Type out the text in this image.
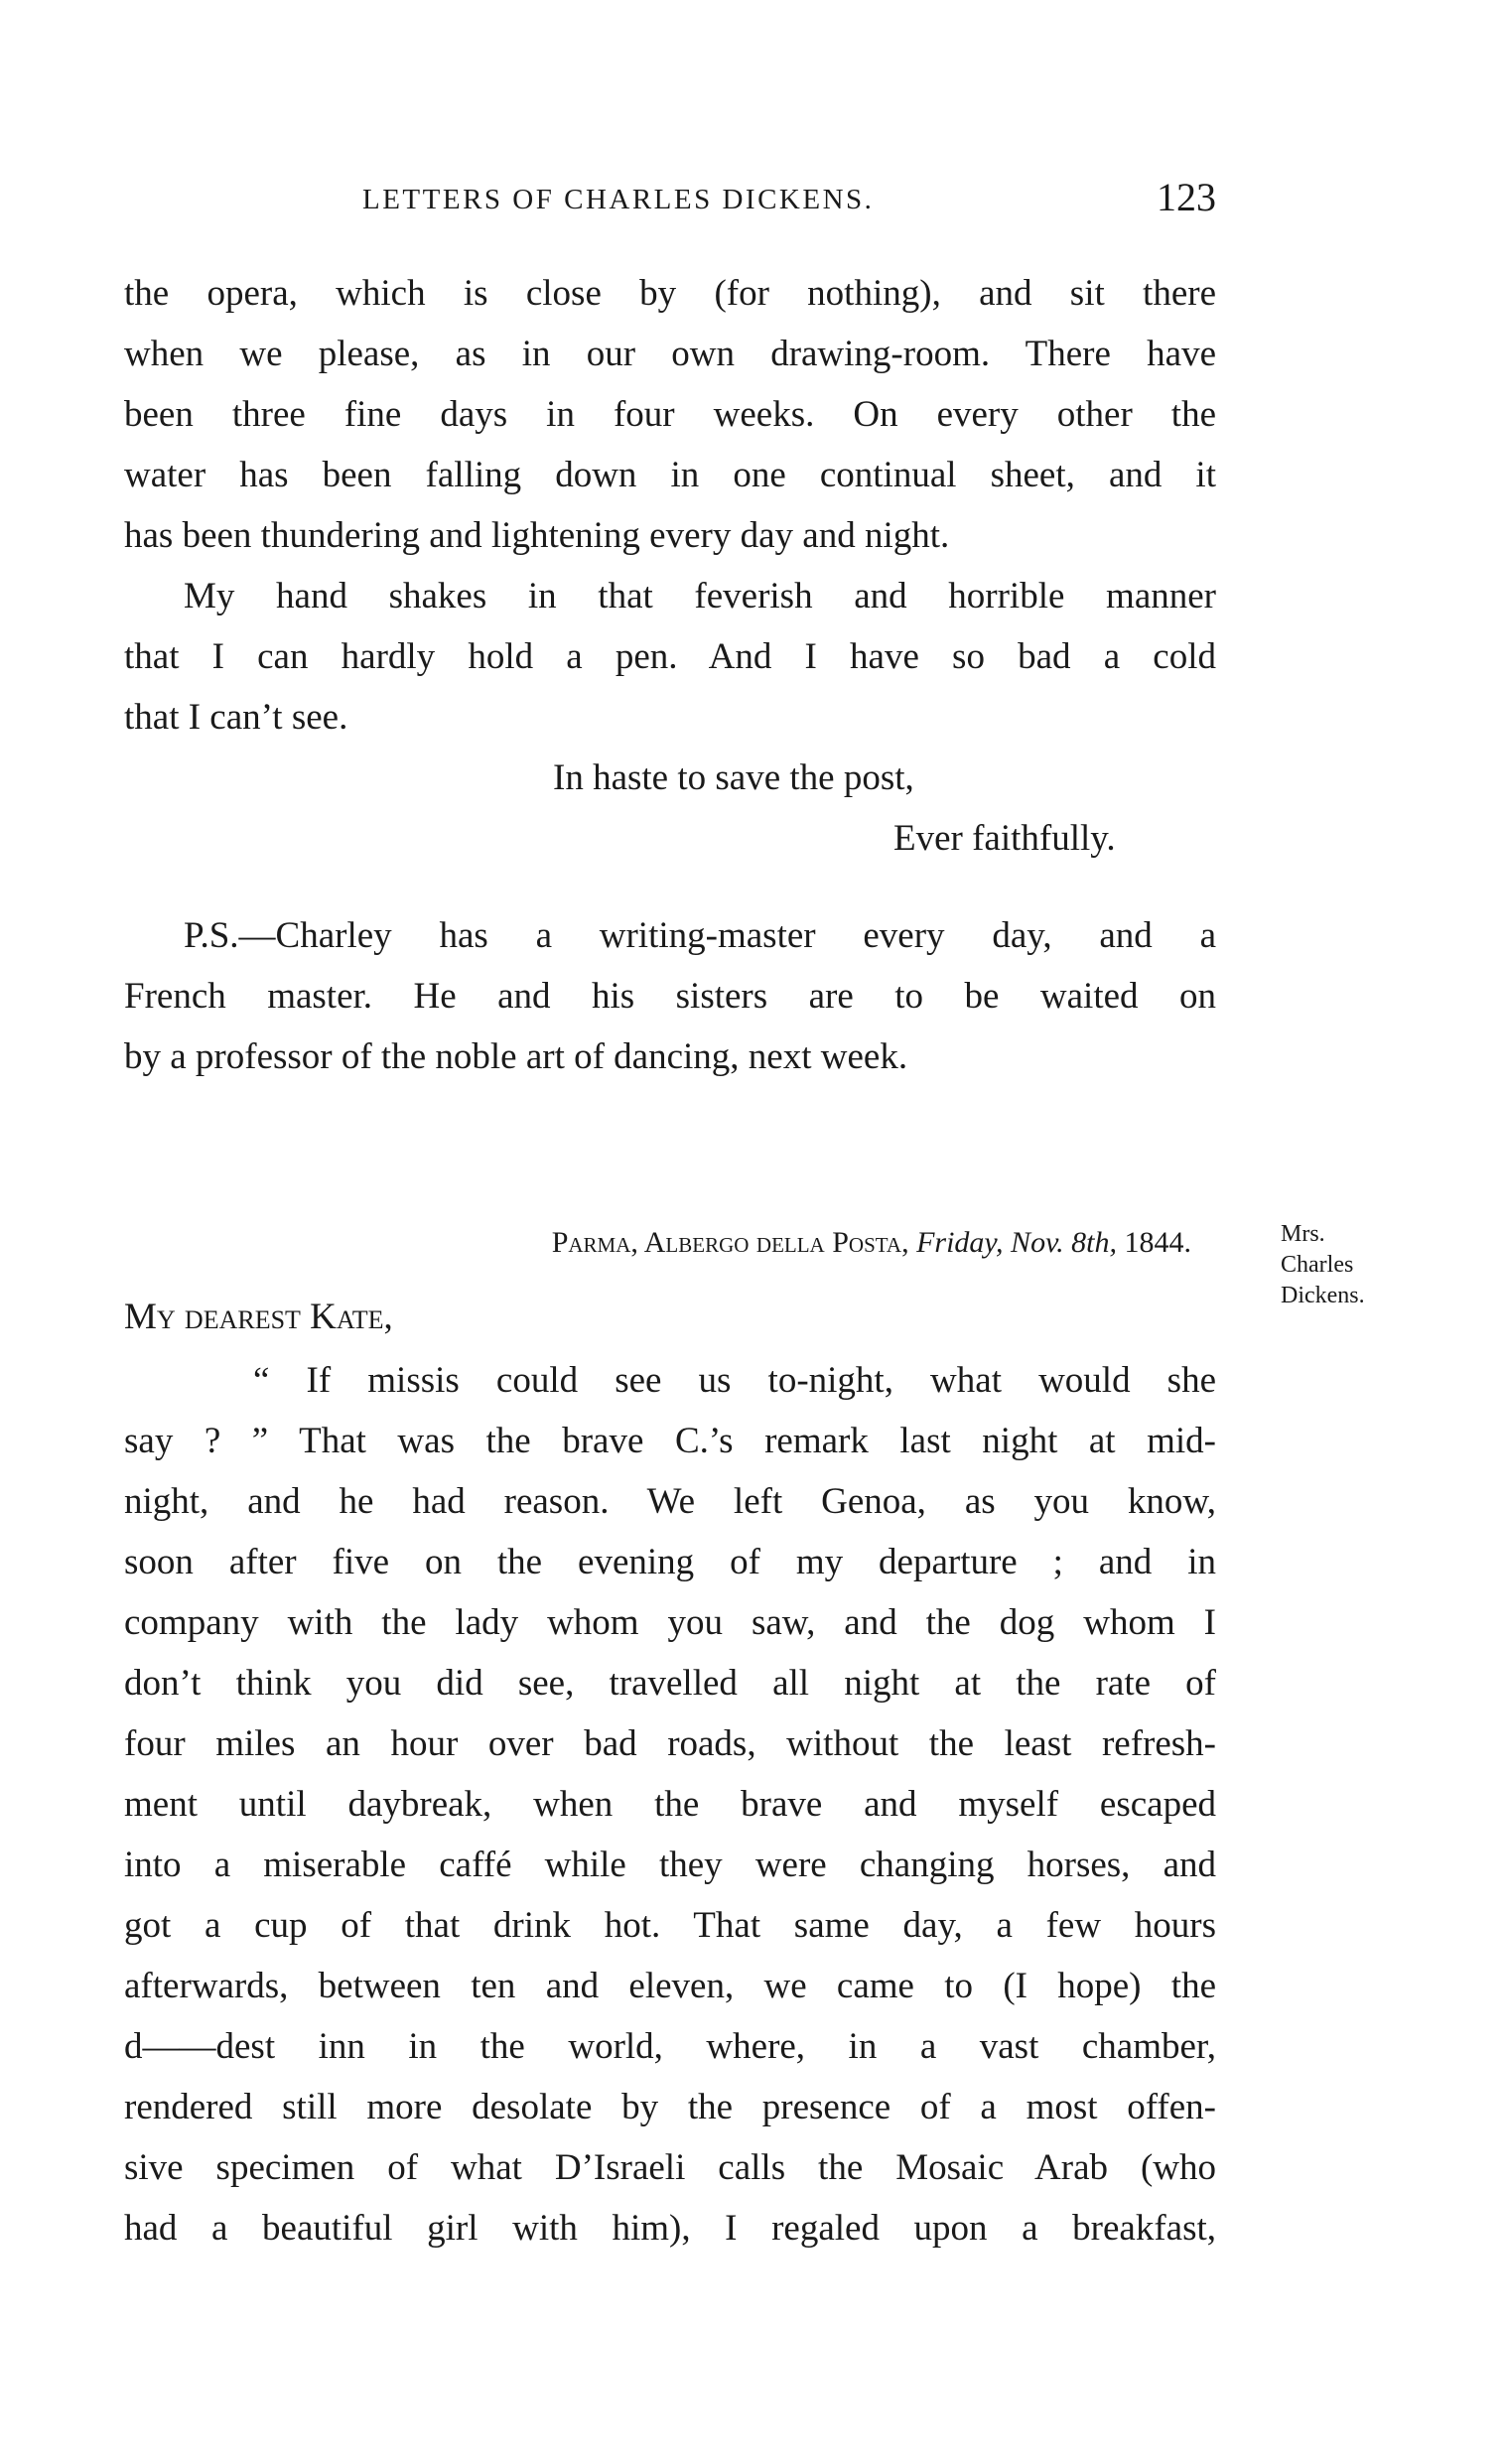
LETTERS OF CHARLES DICKENS.	123
the opera, which is close by (for nothing), and sit there
when we please, as in our own drawing-room. There have
been three fine days in four weeks. On every other the
water has been falling down in one continual sheet, and it
has been thundering and lightening every day and night.
My hand shakes in that feverish and horrible manner
that I can hardly hold a pen. And I have so bad a cold
that I can’t see.
In haste to save the post,
Ever faithfully.
P.S.—Charley has a writing-master every day, and a
French master. He and his sisters are to be waited on
by a professor of the noble art of dancing, next week.
Parma, Albergo della Posta, Friday, Nov. 8th, 1844.	Mrs.
Charles
Dickens.
My dearest Kate,
“ If missis could see us to-night, what would she
say ? ” That was the brave C.’s remark last night at mid-
night, and he had reason. We left Genoa, as you know,
soon after five on the evening of my departure ; and in
company with the lady whom you saw, and the dog whom I
don’t think you did see, travelled all night at the rate of
four miles an hour over bad roads, without the least refresh-
ment until daybreak, when the brave and myself escaped
into a miserable caffé while they were changing horses, and
got a cup of that drink hot. That same day, a few hours
afterwards, between ten and eleven, we came to (I hope) the
d——dest inn in the world, where, in a vast chamber,
rendered still more desolate by the presence of a most offen-
sive specimen of what D’Israeli calls the Mosaic Arab (who
had a beautiful girl with him), I regaled upon a breakfast,
